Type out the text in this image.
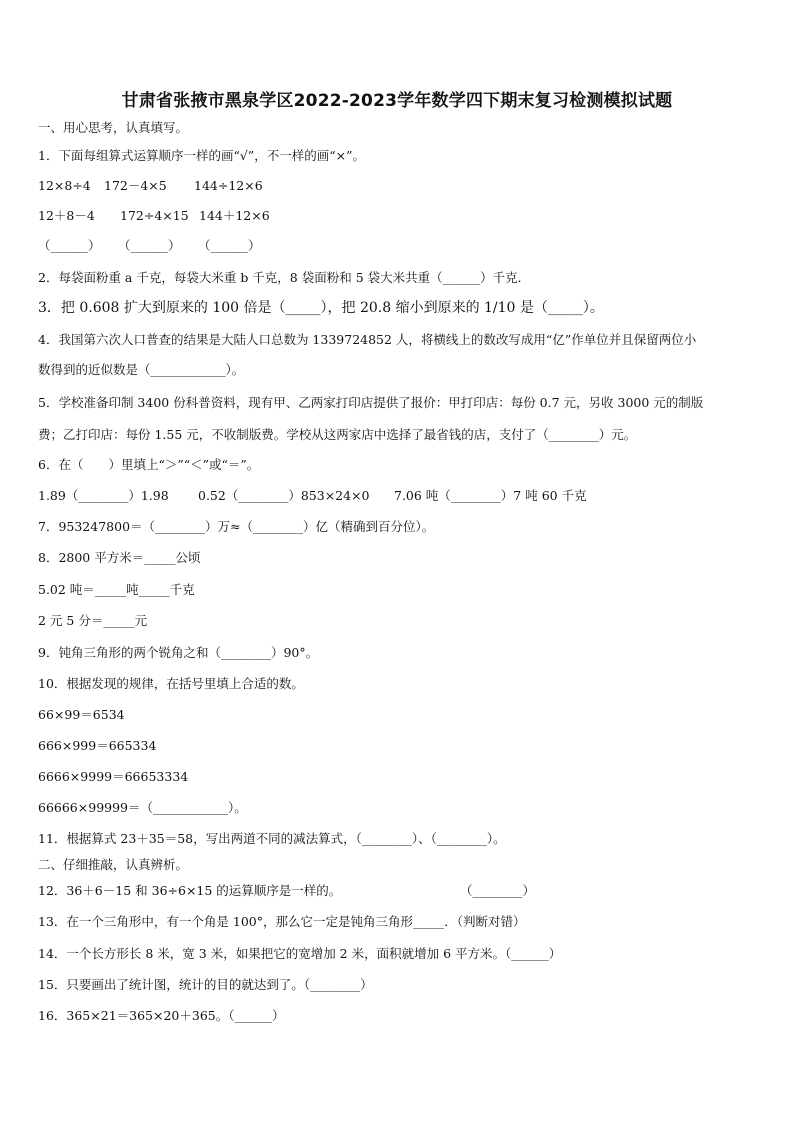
甘肃省张掖市黑泉学区2022-2023学年数学四下期末复习检测模拟试题
一、用心思考，认真填写。
1．下面每组算式运算顺序一样的画“√”，不一样的画“×”。
12×8÷4 172－4×5 144÷12×6
12＋8－4 172÷4×15 144＋12×6
（______） （______） （______）
2．每袋面粉重 a 千克，每袋大米重 b 千克，8 袋面粉和 5 袋大米共重（______）千克．
3．把 0.608 扩大到原来的 100 倍是（_____），把 20.8 缩小到原来的 1/10 是（_____）。
4．我国第六次人口普查的结果是大陆人口总数为 1339724852 人，将横线上的数改写成用“亿”作单位并且保留两位小
数得到的近似数是（____________）。
5．学校准备印制 3400 份科普资料，现有甲、乙两家打印店提供了报价：甲打印店：每份 0.7 元，另收 3000 元的制版
费；乙打印店：每份 1.55 元，不收制版费。学校从这两家店中选择了最省钱的店，支付了（________）元。
6．在（　　）里填上“＞”“＜”或“＝”。
1.89（________）1.98 0.52（________）853×24×0 7.06 吨（________）7 吨 60 千克
7．953247800＝（________）万≈（________）亿（精确到百分位）。
8．2800 平方米＝_____公顷
5.02 吨＝_____吨_____千克
2 元 5 分＝_____元
9．钝角三角形的两个锐角之和（________）90°。
10．根据发现的规律，在括号里填上合适的数。
66×99＝6534
666×999＝665334
6666×9999＝66653334
66666×99999＝（____________）。
11．根据算式 23＋35＝58，写出两道不同的减法算式，（________）、（________）。
二、仔细推敲，认真辨析。
12．36＋6－15 和 36÷6×15 的运算顺序是一样的。	（________）
13．在一个三角形中，有一个角是 100°，那么它一定是钝角三角形_____．（判断对错）
14．一个长方形长 8 米，宽 3 米，如果把它的宽增加 2 米，面积就增加 6 平方米。（______）
15．只要画出了统计图，统计的目的就达到了。（________）
16．365×21＝365×20＋365。（______）
